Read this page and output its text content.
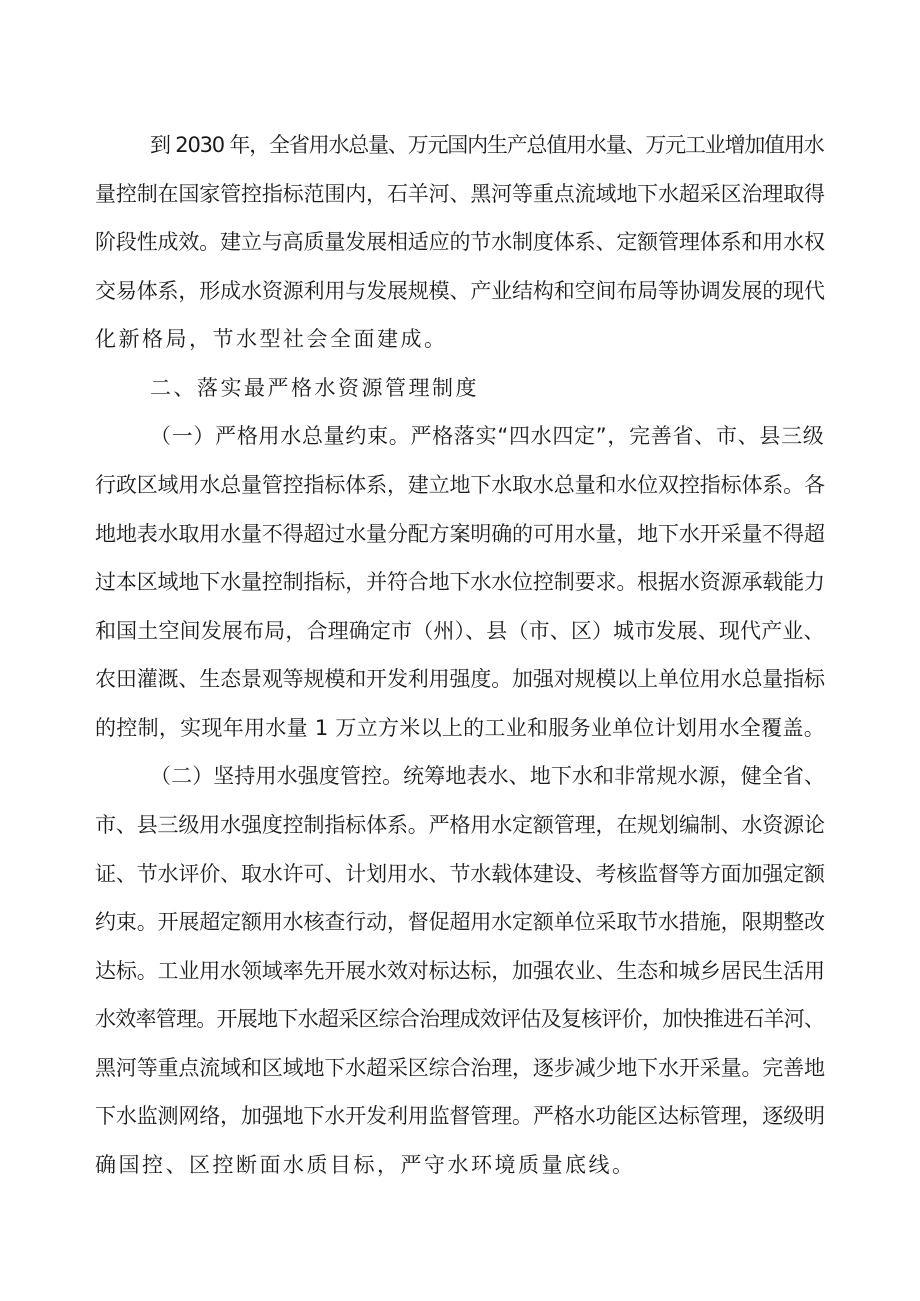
到 2030 年，全省用水总量、万元国内生产总值用水量、万元工业增加值用水
量控制在国家管控指标范围内，石羊河、黑河等重点流域地下水超采区治理取得
阶段性成效。建立与高质量发展相适应的节水制度体系、定额管理体系和用水权
交易体系，形成水资源利用与发展规模、产业结构和空间布局等协调发展的现代
化新格局，节水型社会全面建成。
二、落实最严格水资源管理制度
（一）严格用水总量约束。严格落实“四水四定”，完善省、市、县三级
行政区域用水总量管控指标体系，建立地下水取水总量和水位双控指标体系。各
地地表水取用水量不得超过水量分配方案明确的可用水量，地下水开采量不得超
过本区域地下水量控制指标，并符合地下水水位控制要求。根据水资源承载能力
和国土空间发展布局，合理确定市（州）、县（市、区）城市发展、现代产业、
农田灌溉、生态景观等规模和开发利用强度。加强对规模以上单位用水总量指标
的控制，实现年用水量 1 万立方米以上的工业和服务业单位计划用水全覆盖。
（二）坚持用水强度管控。统筹地表水、地下水和非常规水源，健全省、
市、县三级用水强度控制指标体系。严格用水定额管理，在规划编制、水资源论
证、节水评价、取水许可、计划用水、节水载体建设、考核监督等方面加强定额
约束。开展超定额用水核查行动，督促超用水定额单位采取节水措施，限期整改
达标。工业用水领域率先开展水效对标达标，加强农业、生态和城乡居民生活用
水效率管理。开展地下水超采区综合治理成效评估及复核评价，加快推进石羊河、
黑河等重点流域和区域地下水超采区综合治理，逐步减少地下水开采量。完善地
下水监测网络，加强地下水开发利用监督管理。严格水功能区达标管理，逐级明
确国控、区控断面水质目标，严守水环境质量底线。
